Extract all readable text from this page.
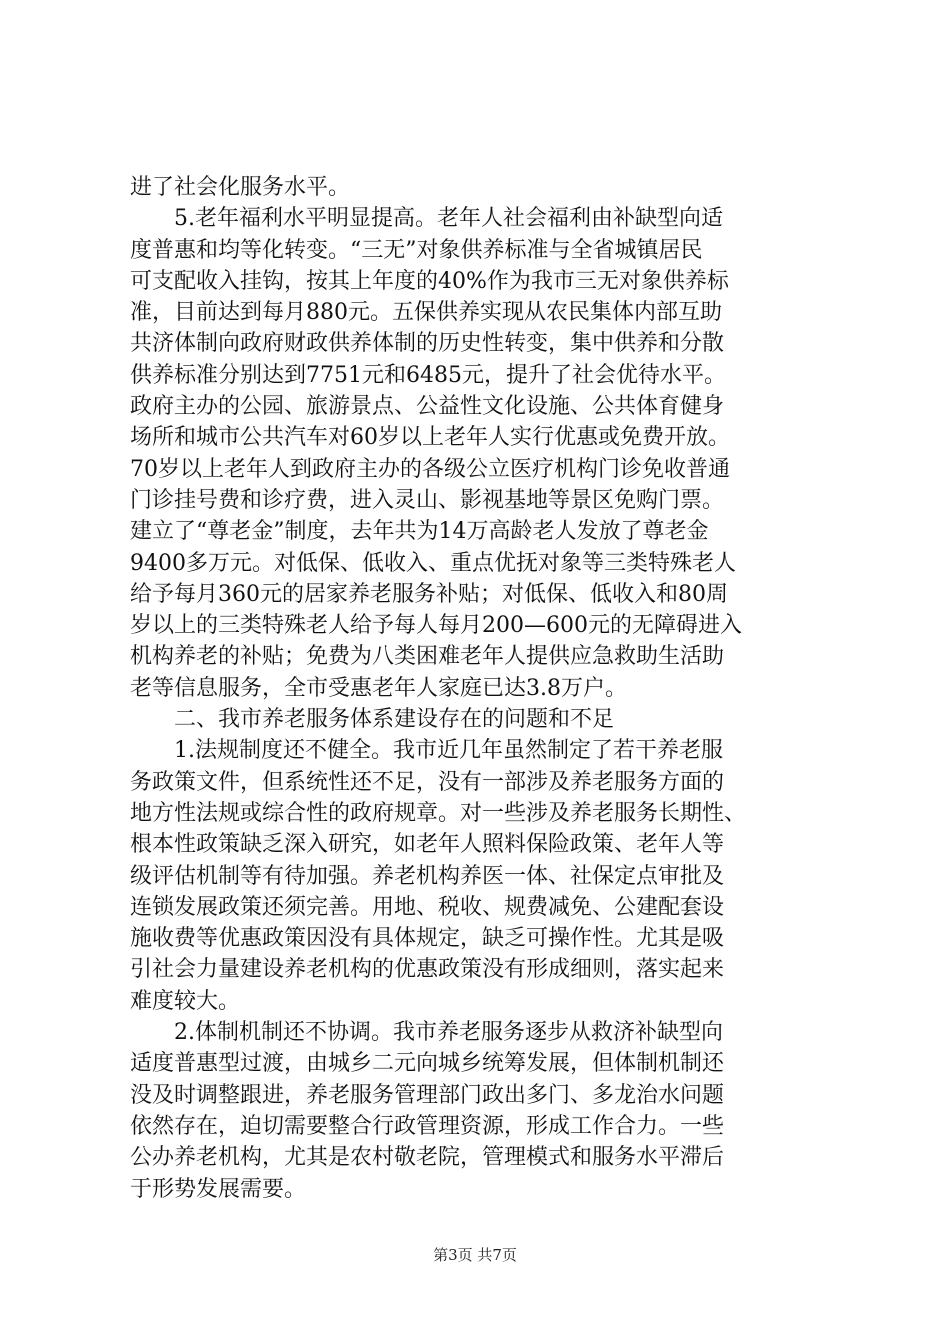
进了社会化服务水平。
　　5.老年福利水平明显提高。老年人社会福利由补缺型向适
度普惠和均等化转变。“三无”对象供养标准与全省城镇居民
可支配收入挂钩，按其上年度的40%作为我市三无对象供养标
准，目前达到每月880元。五保供养实现从农民集体内部互助
共济体制向政府财政供养体制的历史性转变，集中供养和分散
供养标准分别达到7751元和6485元，提升了社会优待水平。
政府主办的公园、旅游景点、公益性文化设施、公共体育健身
场所和城市公共汽车对60岁以上老年人实行优惠或免费开放。
70岁以上老年人到政府主办的各级公立医疗机构门诊免收普通
门诊挂号费和诊疗费，进入灵山、影视基地等景区免购门票。
建立了“尊老金”制度，去年共为14万高龄老人发放了尊老金
9400多万元。对低保、低收入、重点优抚对象等三类特殊老人
给予每月360元的居家养老服务补贴；对低保、低收入和80周
岁以上的三类特殊老人给予每人每月200—600元的无障碍进入
机构养老的补贴；免费为八类困难老年人提供应急救助生活助
老等信息服务，全市受惠老年人家庭已达3.8万户。
　　二、我市养老服务体系建设存在的问题和不足
　　1.法规制度还不健全。我市近几年虽然制定了若干养老服
务政策文件，但系统性还不足，没有一部涉及养老服务方面的
地方性法规或综合性的政府规章。对一些涉及养老服务长期性、
根本性政策缺乏深入研究，如老年人照料保险政策、老年人等
级评估机制等有待加强。养老机构养医一体、社保定点审批及
连锁发展政策还须完善。用地、税收、规费减免、公建配套设
施收费等优惠政策因没有具体规定，缺乏可操作性。尤其是吸
引社会力量建设养老机构的优惠政策没有形成细则，落实起来
难度较大。
　　2.体制机制还不协调。我市养老服务逐步从救济补缺型向
适度普惠型过渡，由城乡二元向城乡统筹发展，但体制机制还
没及时调整跟进，养老服务管理部门政出多门、多龙治水问题
依然存在，迫切需要整合行政管理资源，形成工作合力。一些
公办养老机构，尤其是农村敬老院，管理模式和服务水平滞后
于形势发展需要。
第3页 共7页
